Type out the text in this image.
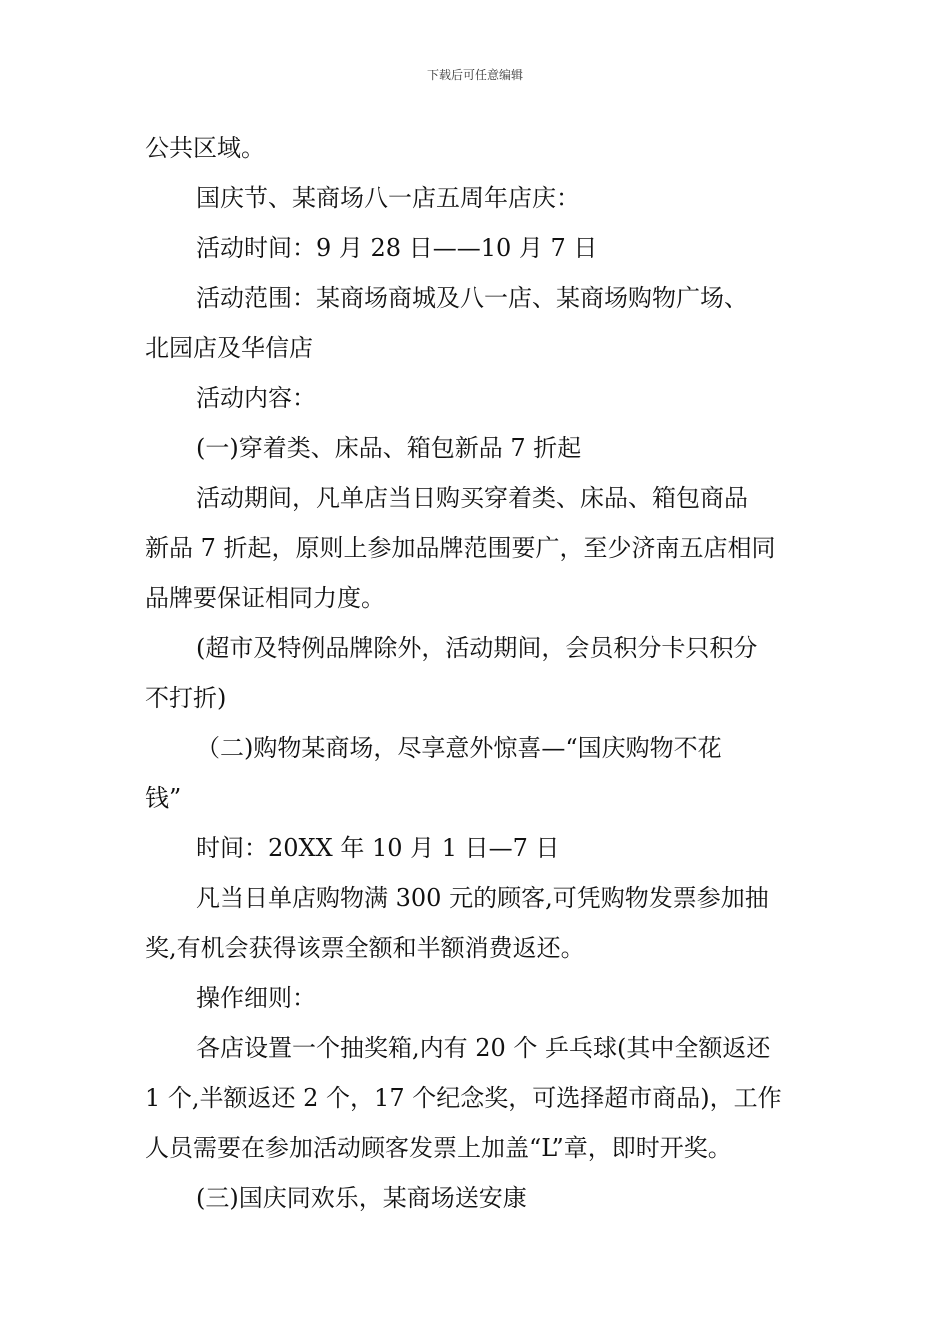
下载后可任意编辑
公共区域。
国庆节、某商场八一店五周年店庆：
活动时间：9 月 28 日——10 月 7 日
活动范围：某商场商城及八一店、某商场购物广场、
北园店及华信店
活动内容：
(一)穿着类、床品、箱包新品 7 折起
活动期间，凡单店当日购买穿着类、床品、箱包商品
新品 7 折起，原则上参加品牌范围要广，至少济南五店相同
品牌要保证相同力度。
(超市及特例品牌除外，活动期间，会员积分卡只积分
不打折)
（二)购物某商场，尽享意外惊喜—“国庆购物不花
钱”
时间：20XX 年 10 月 1 日—7 日
凡当日单店购物满 300 元的顾客,可凭购物发票参加抽
奖,有机会获得该票全额和半额消费返还。
操作细则：
各店设置一个抽奖箱,内有 20 个 乒乓球(其中全额返还
1 个,半额返还 2 个，17 个纪念奖，可选择超市商品)，工作
人员需要在参加活动顾客发票上加盖“L”章，即时开奖。
(三)国庆同欢乐，某商场送安康
